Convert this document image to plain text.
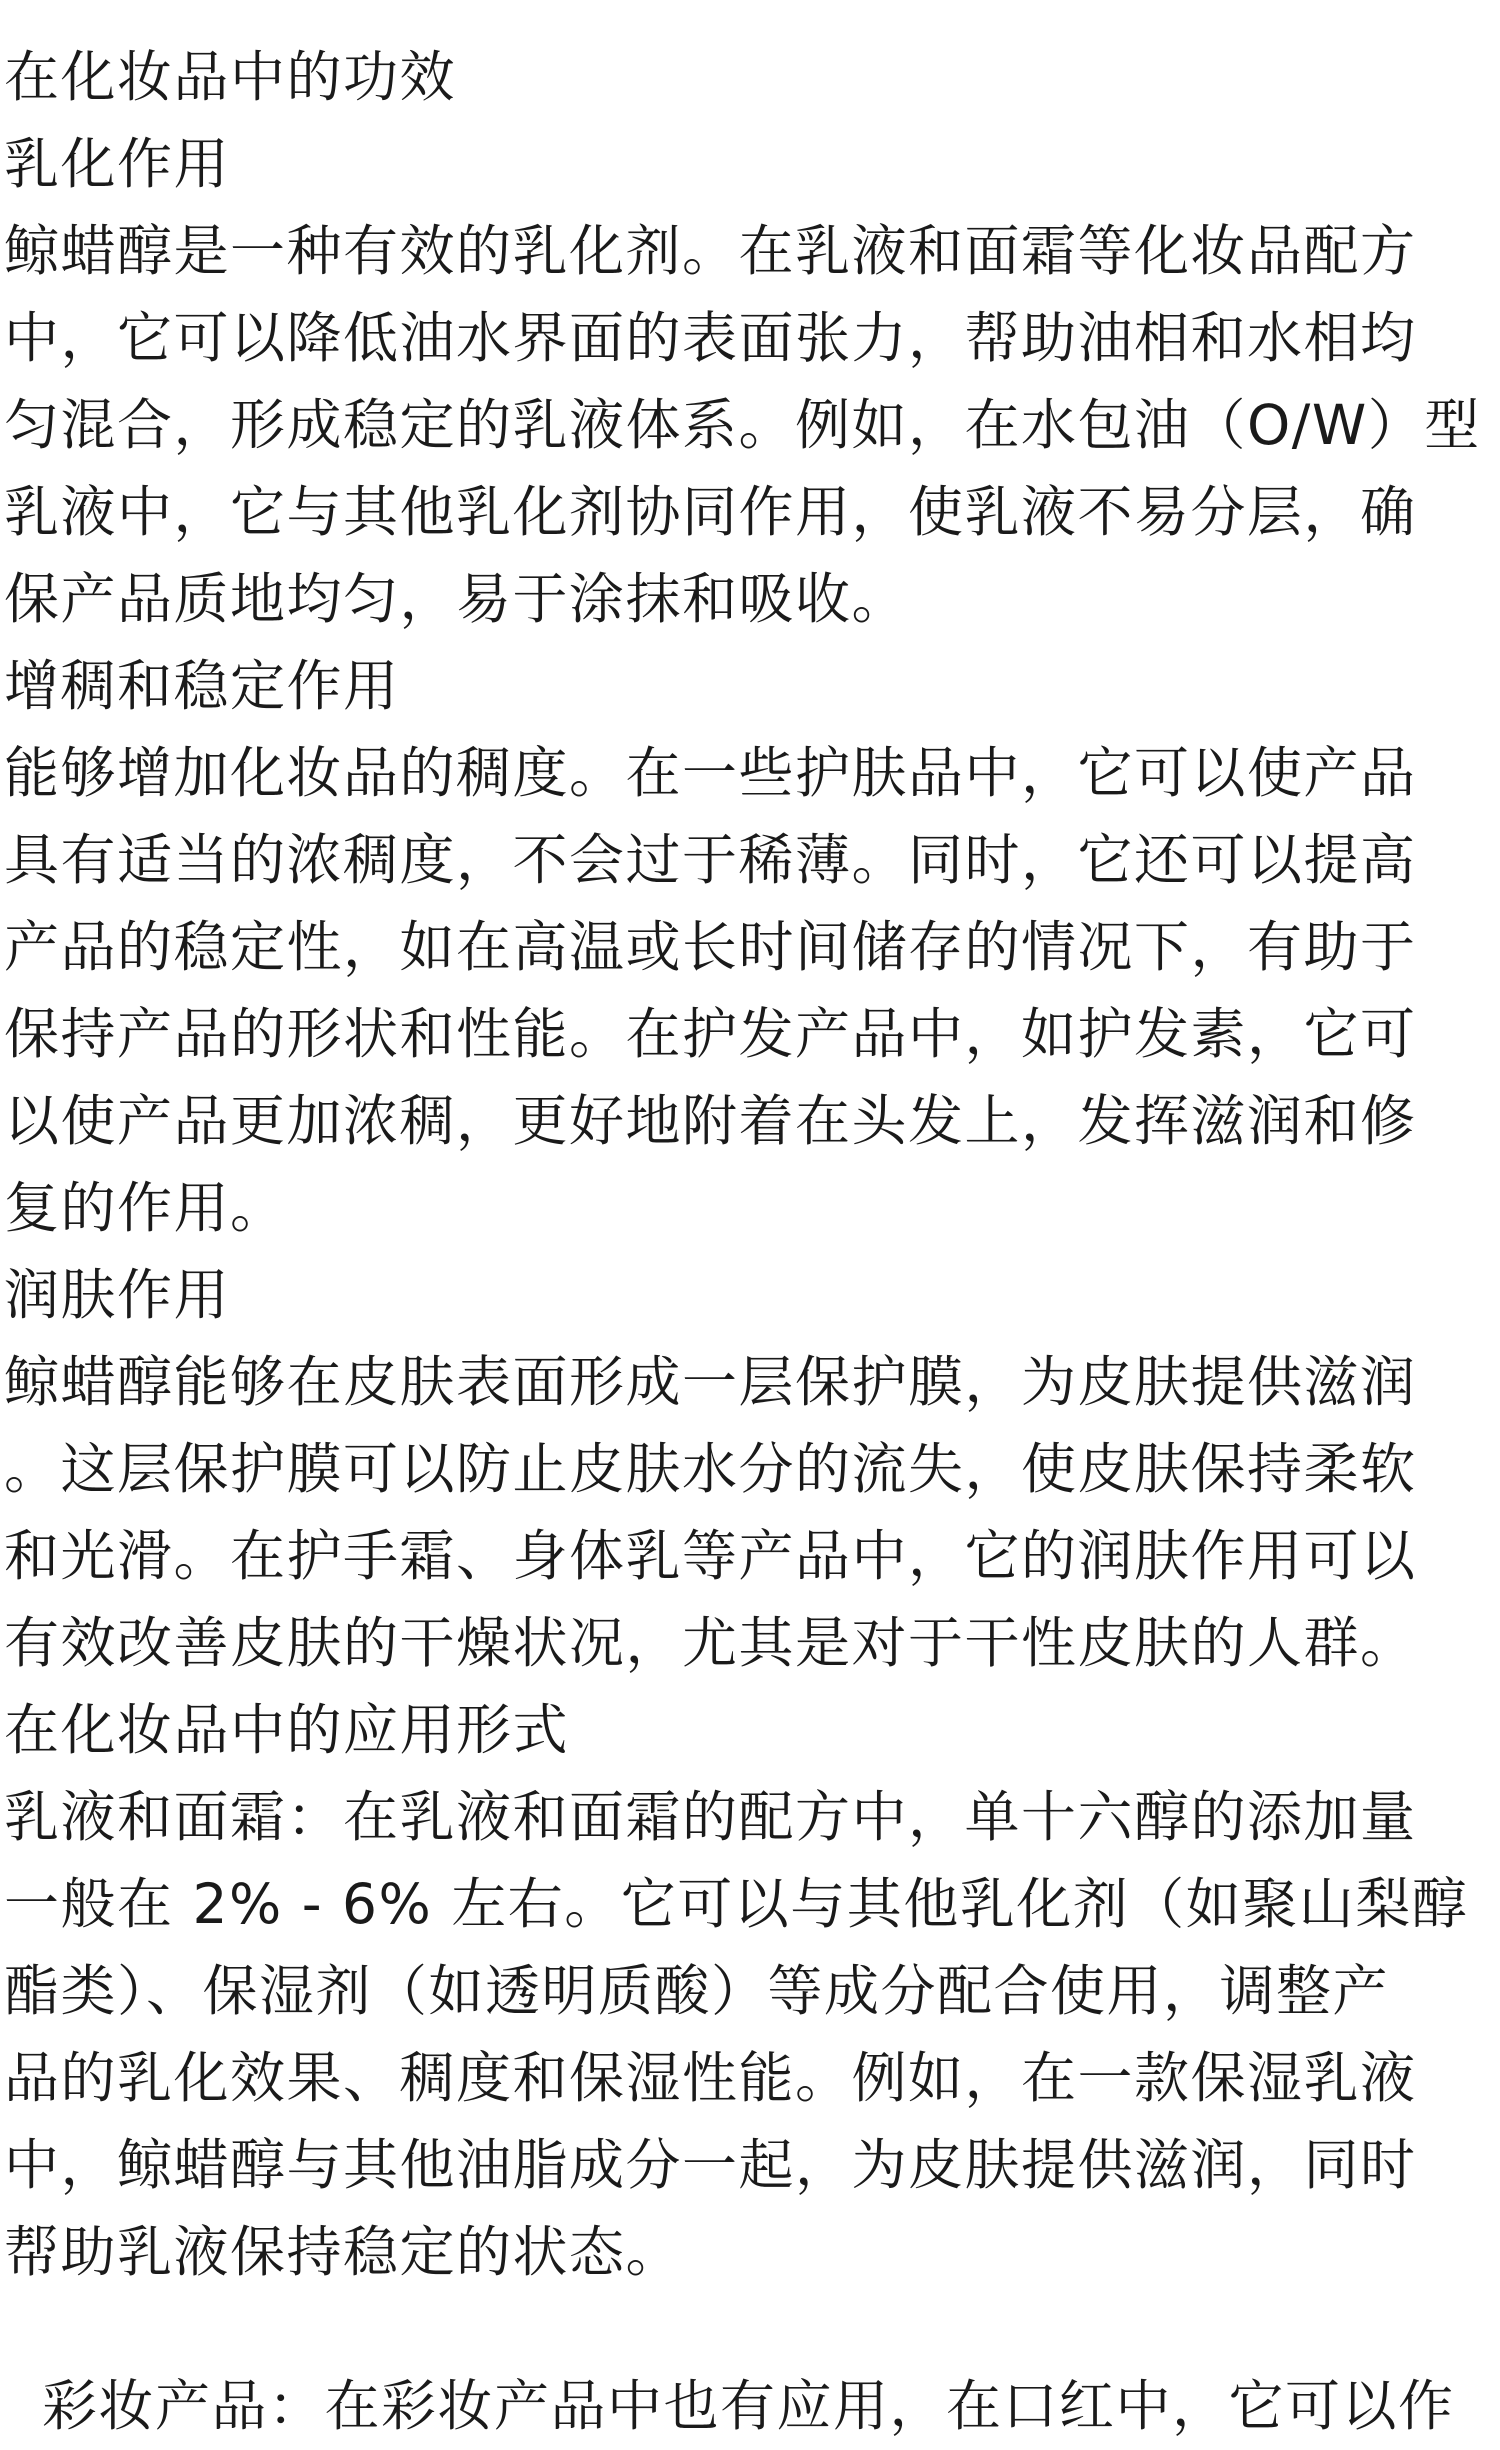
在化妆品中的功效
乳化作用
鲸蜡醇是一种有效的乳化剂。在乳液和面霜等化妆品配方
中，它可以降低油水界面的表面张力，帮助油相和水相均
匀混合，形成稳定的乳液体系。例如，在水包油（O/W）型
乳液中，它与其他乳化剂协同作用，使乳液不易分层，确
保产品质地均匀，易于涂抹和吸收。
增稠和稳定作用
能够增加化妆品的稠度。在一些护肤品中，它可以使产品
具有适当的浓稠度，不会过于稀薄。同时，它还可以提高
产品的稳定性，如在高温或长时间储存的情况下，有助于
保持产品的形状和性能。在护发产品中，如护发素，它可
以使产品更加浓稠，更好地附着在头发上，发挥滋润和修
复的作用。
润肤作用
鲸蜡醇能够在皮肤表面形成一层保护膜，为皮肤提供滋润
。这层保护膜可以防止皮肤水分的流失，使皮肤保持柔软
和光滑。在护手霜、身体乳等产品中，它的润肤作用可以
有效改善皮肤的干燥状况，尤其是对于干性皮肤的人群。
在化妆品中的应用形式
乳液和面霜：在乳液和面霜的配方中，单十六醇的添加量
一般在 2% - 6% 左右。它可以与其他乳化剂（如聚山梨醇
酯类）、保湿剂（如透明质酸）等成分配合使用，调整产
品的乳化效果、稠度和保湿性能。例如，在一款保湿乳液
中，鲸蜡醇与其他油脂成分一起，为皮肤提供滋润，同时
帮助乳液保持稳定的状态。

彩妆产品：在彩妆产品中也有应用，在口红中，它可以作
